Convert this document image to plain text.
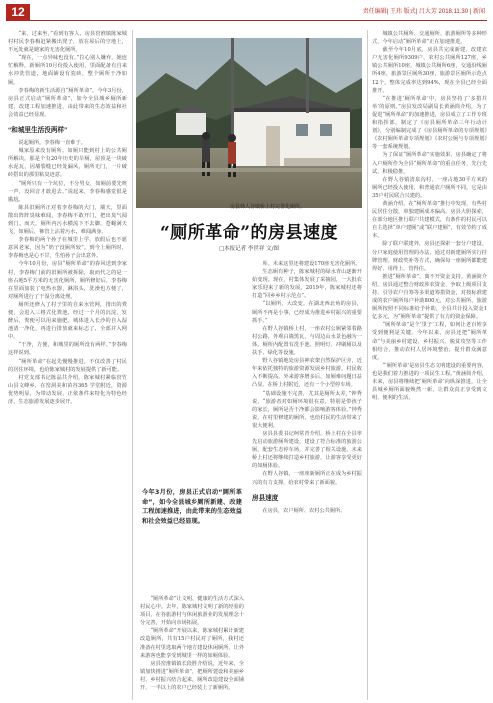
12	责任编辑| 王玮 版式| 吕大芳 2018.11.30 | 新闻

“来，过来坐，”看到有客人，房县窑淮镇陈家城村村民李春梅赶紧搬出凳子，放在屋后的空地上，不远处就是她家的无害化厕所。

“现在，一点异味也没有。”拉心别人嫌弃，她连忙解释。新厕所10月份投入使用，里面配备有自来水冲洗管道，地面铺设有瓷砖，整个厕所干净如厕。

李春梅的新生活源自“厕所革命”。今年3月份，房县正式启动“厕所革命”，如今全县城乡厕所新建、改建工程加速推进，由此带来的生态效益和社会效益已经显现。

“和城里生活没两样”

说起厕所，李春梅一直难于。

城家原来没有厕所。如厕只能到村上的公共厕所解决。那是个有20年历史的旱厕，屋顶是一块破水泥瓦，因墙裂缝已经处漏风，厕所无门，一片破砖搭出的那里粘臭迹意。

“厕所只有一个坑位，不分男女，如厕前要先咳一声，没回音才敢进去。”说起来，李春梅感觉很是尴尬。

陈县旧厕所正对着李春梅的大门，墙天，里面散出阵阵臭味难闻，李春梅不敢开门，把出臭气闻到门。而天，厕所内污水横流下不去脚，苍蝇满天飞，如厕后，裤管上沾着污水，难闻满身。

李春梅的两个孙子在城里上学，放假后也不愿意回老家，因为“奶子没厕所较”。到今上厕所时，李春梅也是心不甘，生怕孙子会出意外。

今年10月份，房县“厕所革命”的春风送到李家村，李春梅门前的旧厕所被拆除，取而代之的是一座占地5平方米的无害化厕所，厕所修好后，李春梅在里面加装了电热水器、淋浴头，洗澡也方便了，对厕所进行了干湿分离处理。

厕所还修入了村子里的自来水管网，排出的粪便，会进入三格式化粪池，经过一个月的沉淀、发酵后，粪便可以用来施肥。城体进入长沙的自入湿池清一净化，再进行排放就来标志了，全部并入网中。

“干净，方便，和城里的厕所没有两样。”李春梅这样说到。

“厕所革命”在起先慢慢推进，不仅改善了村民的居住环境，也给陈家城村的发展提供了新可能。

村党支部书记陈晶共介绍，陈家城村紧临窑竹山县文峰乡，在窑洞美和苗谷365 学堂附近，资源优势明显，为带动发展，正依条件来特化为特色经济，生态旅游发展逐步展开。

房县韩人谷镇桥上村完善化厕所。
“厕所革命”的房县速度
□本报记者 李世祥 文/图

“厕所革命”让文明、健康的生活方式深入村民心中。去年，陈家城村文明了新的经验的项目，在谷旅游村与休闲旅游业的发展理念十分完善，开始向市场拓展。

“厕所革命”开展以来，陈家城村累计新建改造厕所，共有15户村民对了厕所，我村还准备在村里选取两个地方建设休闲厕所，让外来游客也能享受到城里一样的如厕体验。

房县窑淮镇镇长段胜介绍说，近年来，全镇加快推进“厕所革命”，把厕所建设和美丽乡村、乡村振兴结合起来，厕所改造建设全面铺开，一半以上的农户已经装上了新厕所。

今年3月份，房县正式启动“厕所革命”，如今全县城乡厕所新建、改建工程加速推进，由此带来的生态效益和社会效益已经显现。

库。未来这里还将建设170座无害化厕所。

生态厕有种子，陈家城村的绿水青山逐渐开始变现。现在，村集体发展了采摘园，一大批农家乐迎来了新的发展。2019年，陈家城村还将打造“回乡乡村示范点”。

“以厕所，大改变。在湖北西北角的房县，厕所不再是小事，已经成为推进乡村振兴的重要抓手。”

在野人谷镇桥上村，一座农村公厕紧邻着路村公路，外观白墙黑瓦，与周边山水景色融为一体。厕所内配置有洗手池、照明灯、冲刷厕以及扶手、绿化等设施。

野人谷镇地处房县神农架自然保护区旁，近年来依托独特的旅游资源发展乡村旅游，村民收入不断提高。外来游客增多后，如厕难问题日益凸显。在桥上村附近，还有一个小型停车场。

“基础设施不完善，尤其是厕所太差，”钟秀说，“旅游者对如厕环境很在意，特别是带孩子的家长，厕所是否干净都会影响游客体验。”钟秀说，在村里修建的厕所，也给村民的生活带来了很大便利。

房县县委书记柯常青介绍，桥上村在全县率先启动旅游厕所建设，建设了符合标准的旅游公厕，配套生态停车场，并完善了相关设施。未来桥上村还将继续打造乡村旅游，让游客享受更好的如厕体验。

在野人谷镇，一座座新厕所正在成为乡村振兴的有力支撑，给农村带来了新面貌。

房县速度

在房县，农户厕所、农村公共厕所、

城镇公共厕所、交通厕所、旅游厕所等多种形式，今年启动“厕所革命”正在加速推进。

截至今年10月底，房县共完成新建、改建农户无害化厕所9309户，农村公共厕所127座，乡镇公共厕所10座，城镇公共厕所6座，交通沿线厕所4座，旅游景区厕所30座，旅游景区厕所示范点12个，整体完成率达到94%，现在全县已经全面推开。

“在推进‘厕所革命’中，房县坚持了‘多措并举’的原则。”房县发改局副局长黄涵简介绍，为了促进“厕所革命”的加速推进，房县成立了工作专班和指挥部，制定了《房县厕所革命三年行动计划》，分别编制完成了《房县厕所革命的专项规划》《农村厕所革命专项规划》《农村公厕与专项规划》等一套系统规划。

为了保证“厕所革命”实施效果，房县确定了将入户厕所作为全县“厕所革命”的重点任务，先行先试，积极稳推。

在野人谷镇清泉沟村，一座占地30平方米的厕所已经投入使用，和普通农户厕所不同，它是由35户村民联合兴建的。

黄涵介绍，在“厕所革命”推行中发现，有些村民居住分散，单独建厕成本偏高，房县大胆探索，在部分地区推行联户共建模式，有条件的村民可以自主选择“单户建厕”或“联户建厕”，有效节约了成本。

除了联户联建外，房县还探索一套分户建设、分户家庭使用管理的办法，通过对新建厕所实行挂牌管理、财政奖补等方式，确保每一座厕所都能建得好、用得上、管得住。

推进“厕所革命”，离不开资金支持。黄涵简介绍，房县通过整合财政涉农资金、争取上级项目支持、引导农户自筹等多渠道筹措资金，对按标准建成的农户厕所每户补助800元，对公共厕所、旅游厕所按照不同标准给予补助，全县共计投入资金1亿多元，为“厕所革命”提供了有力的资金保障。

“厕所革命”是个‘里子’工程，如何让老百姓享受到便利是关键。今年以来，房县还把“厕所革命”与美丽乡村建设、乡村振兴、脱贫攻坚等工作相结合，推动农村人居环境整治，提升群众满意度。

“‘厕所革命’是房县生态文明建设的重要内容，也是我们着力推进的一项民生工程。”黄涵简介绍，未来，房县将继续把‘厕所革命’向纵深推进，让全县城乡厕所面貌焕然一新，让群众真正享受到文明、便利的生活。
